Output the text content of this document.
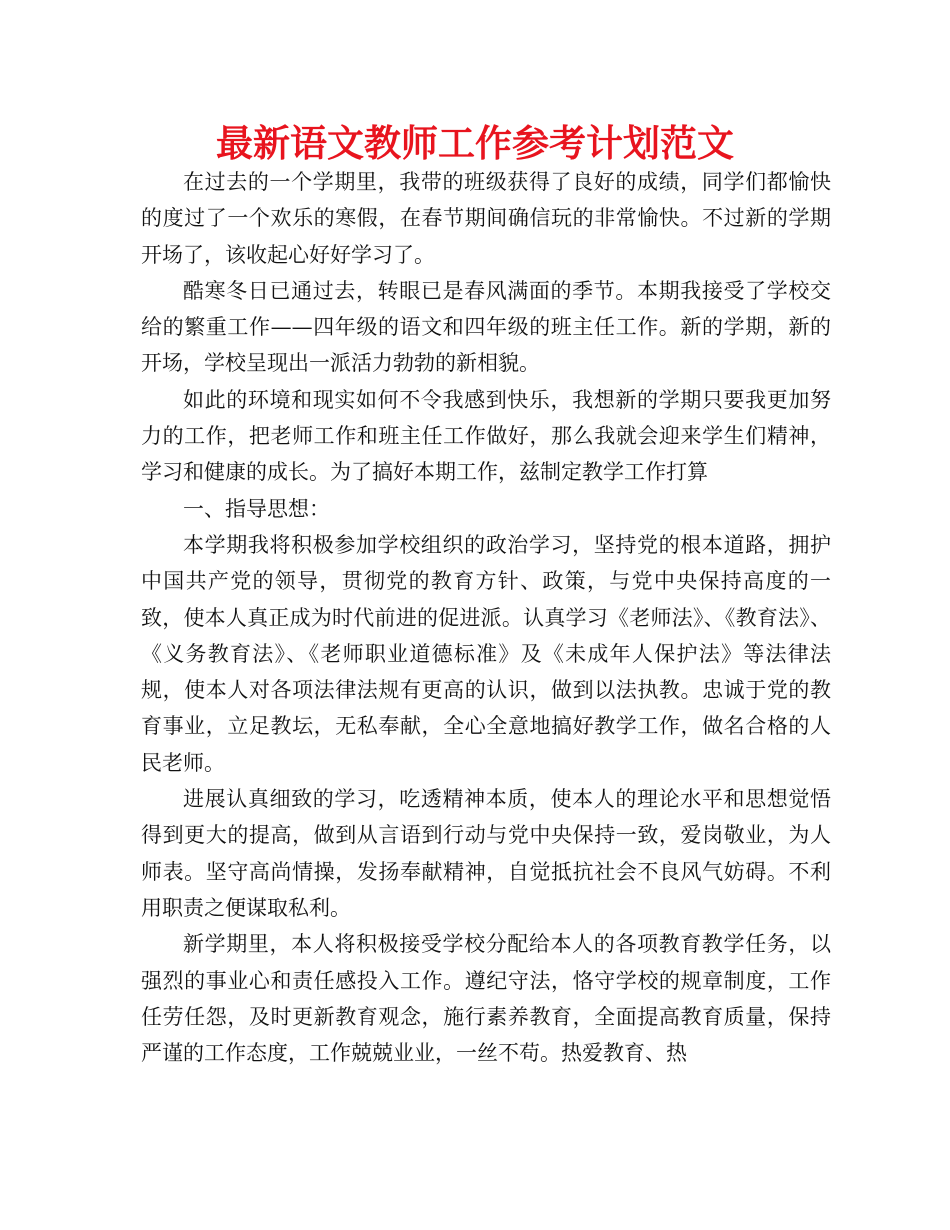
最新语文教师工作参考计划范文

在过去的一个学期里，我带的班级获得了良好的成绩，同学们都愉快的度过了一个欢乐的寒假，在春节期间确信玩的非常愉快。不过新的学期开场了，该收起心好好学习了。

酷寒冬日已通过去，转眼已是春风满面的季节。本期我接受了学校交给的繁重工作——四年级的语文和四年级的班主任工作。新的学期，新的开场，学校呈现出一派活力勃勃的新相貌。

如此的环境和现实如何不令我感到快乐，我想新的学期只要我更加努力的工作，把老师工作和班主任工作做好，那么我就会迎来学生们精神，学习和健康的成长。为了搞好本期工作，兹制定教学工作打算

一、指导思想：

本学期我将积极参加学校组织的政治学习，坚持党的根本道路，拥护中国共产党的领导，贯彻党的教育方针、政策，与党中央保持高度的一致，使本人真正成为时代前进的促进派。认真学习《老师法》、《教育法》、《义务教育法》、《老师职业道德标准》及《未成年人保护法》等法律法规，使本人对各项法律法规有更高的认识，做到以法执教。忠诚于党的教育事业，立足教坛，无私奉献，全心全意地搞好教学工作，做名合格的人民老师。

进展认真细致的学习，吃透精神本质，使本人的理论水平和思想觉悟得到更大的提高，做到从言语到行动与党中央保持一致，爱岗敬业，为人师表。坚守高尚情操，发扬奉献精神，自觉抵抗社会不良风气妨碍。不利用职责之便谋取私利。

新学期里，本人将积极接受学校分配给本人的各项教育教学任务，以强烈的事业心和责任感投入工作。遵纪守法，恪守学校的规章制度，工作任劳任怨，及时更新教育观念，施行素养教育，全面提高教育质量，保持严谨的工作态度，工作兢兢业业，一丝不苟。热爱教育、热
